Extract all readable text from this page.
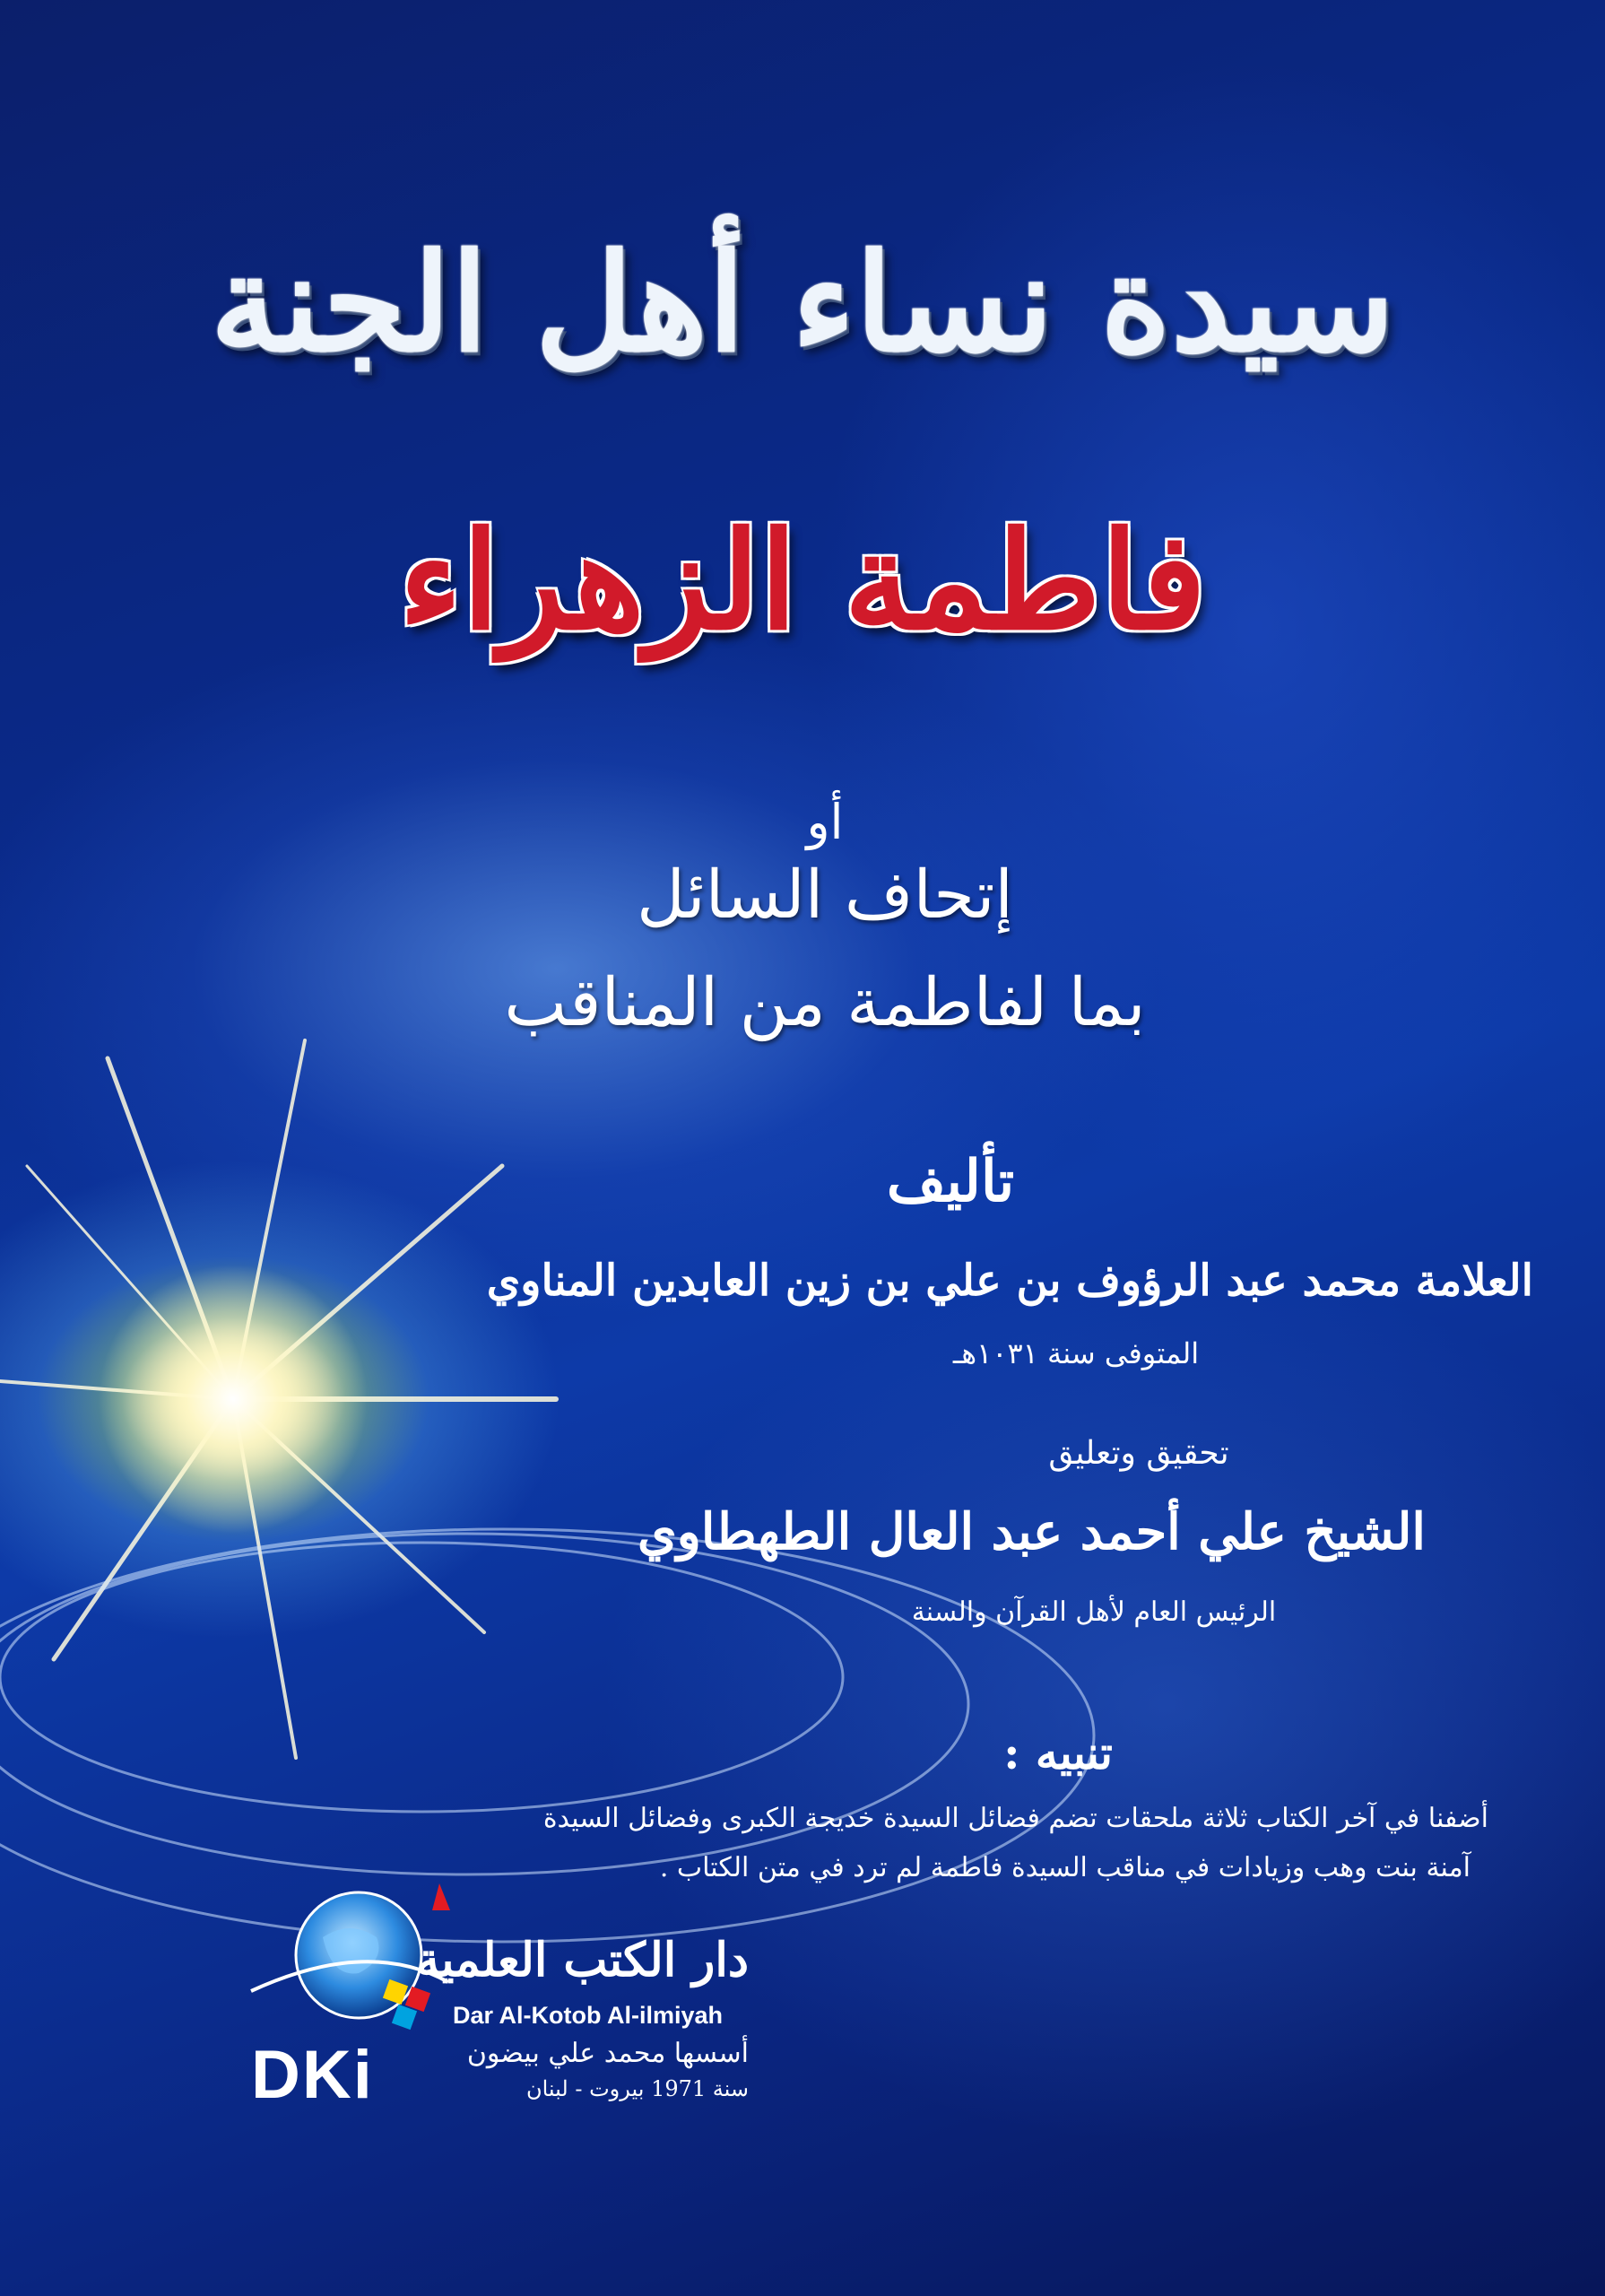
سيدة نساء أهل الجنة
فاطمة الزهراء
أو
إتحاف السائل
بما لفاطمة من المناقب
تأليف
العلامة محمد عبد الرؤوف بن علي بن زين العابدين المناوي
المتوفى سنة ١٠٣١هـ
تحقيق وتعليق
الشيخ علي أحمد عبد العال الطهطاوي
الرئيس العام لأهل القرآن والسنة
تنبيه :
أضفنا في آخر الكتاب ثلاثة ملحقات تضم فضائل السيدة خديجة الكبرى وفضائل السيدة
آمنة بنت وهب وزيادات في مناقب السيدة فاطمة لم ترد في متن الكتاب .
دار الكتب العلمية
Dar Al-Kotob Al-ilmiyah
DKi	أسسها محمد علي بيضون
سنة 1971 بيروت - لبنان
